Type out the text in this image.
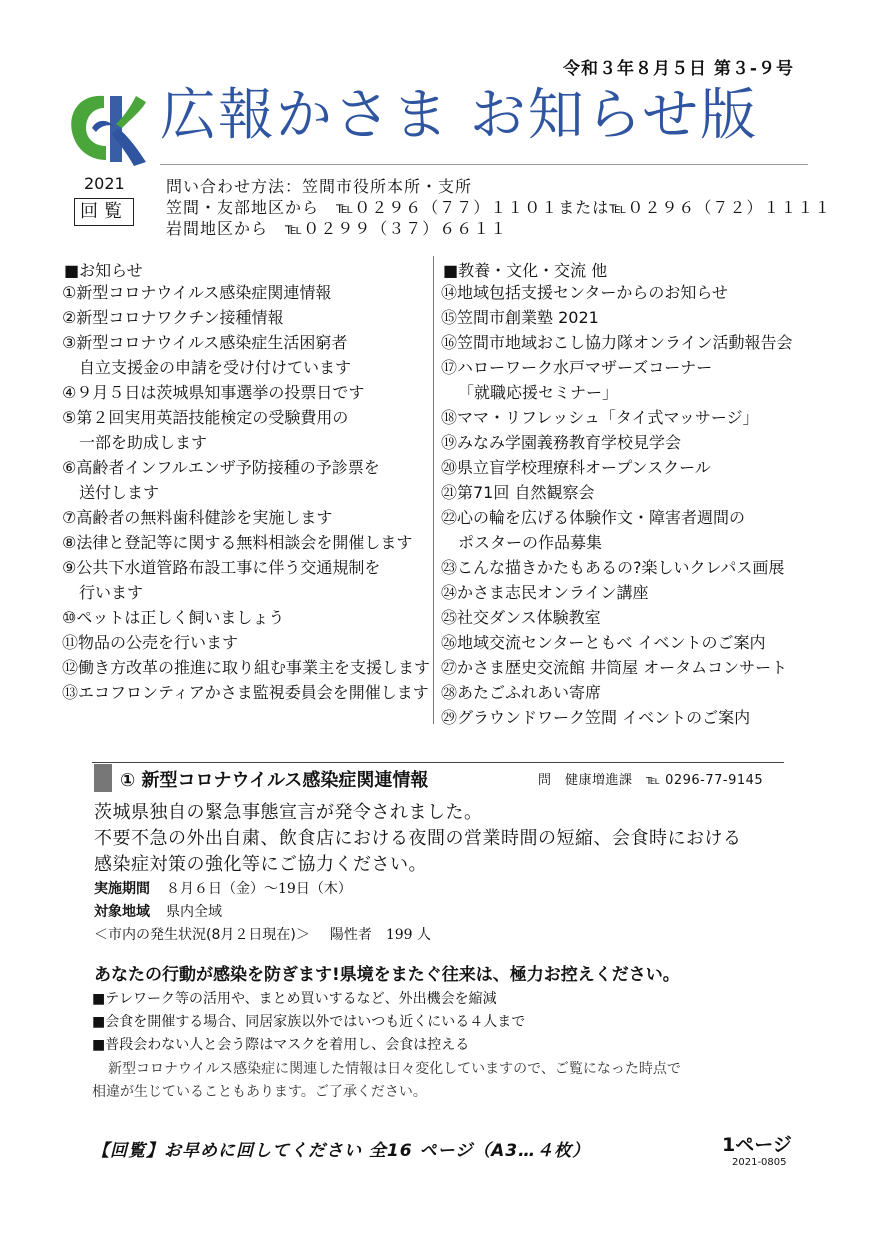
令和３年８月５日 第３-９号
広報かさま お知らせ版
2021
回覧
問い合わせ方法：笠間市役所本所・支所
笠間・友部地区から　℡０２９６（７７）１１０１または℡０２９６（７２）１１１１
岩間地区から　℡０２９９（３７）６６１１
■お知らせ	■教養・文化・交流 他
①新型コロナウイルス感染症関連情報
②新型コロナワクチン接種情報
③新型コロナウイルス感染症生活困窮者
自立支援金の申請を受け付けています
④９月５日は茨城県知事選挙の投票日です
⑤第２回実用英語技能検定の受験費用の
一部を助成します
⑥高齢者インフルエンザ予防接種の予診票を
送付します
⑦高齢者の無料歯科健診を実施します
⑧法律と登記等に関する無料相談会を開催します
⑨公共下水道管路布設工事に伴う交通規制を
行います
⑩ペットは正しく飼いましょう
⑪物品の公売を行います
⑫働き方改革の推進に取り組む事業主を支援します
⑬エコフロンティアかさま監視委員会を開催します
⑭地域包括支援センターからのお知らせ
⑮笠間市創業塾 2021
⑯笠間市地域おこし協力隊オンライン活動報告会
⑰ハローワーク水戸マザーズコーナー
「就職応援セミナー」
⑱ママ・リフレッシュ「タイ式マッサージ」
⑲みなみ学園義務教育学校見学会
⑳県立盲学校理療科オープンスクール
㉑第71回 自然観察会
㉒心の輪を広げる体験作文・障害者週間の
ポスターの作品募集
㉓こんな描きかたもあるの?楽しいクレパス画展
㉔かさま志民オンライン講座
㉕社交ダンス体験教室
㉖地域交流センターともべ イベントのご案内
㉗かさま歴史交流館 井筒屋 オータムコンサート
㉘あたごふれあい寄席
㉙グラウンドワーク笠間 イベントのご案内
① 新型コロナウイルス感染症関連情報	問　健康増進課　℡ 0296-77-9145
茨城県独自の緊急事態宣言が発令されました。
不要不急の外出自粛、飲食店における夜間の営業時間の短縮、会食時における
感染症対策の強化等にご協力ください。
実施期間 ８月６日（金）～19日（木）
対象地域 県内全域
＜市内の発生状況(8月２日現在)＞ 陽性者　199 人
あなたの行動が感染を防ぎます!県境をまたぐ往来は、極力お控えください。
■テレワーク等の活用や、まとめ買いするなど、外出機会を縮減
■会食を開催する場合、同居家族以外ではいつも近くにいる４人まで
■普段会わない人と会う際はマスクを着用し、会食は控える
新型コロナウイルス感染症に関連した情報は日々変化していますので、ご覧になった時点で
相違が生じていることもあります。ご了承ください。
【回覧】お早めに回してください 全16 ページ（A3…４枚）	1ページ
2021-0805
